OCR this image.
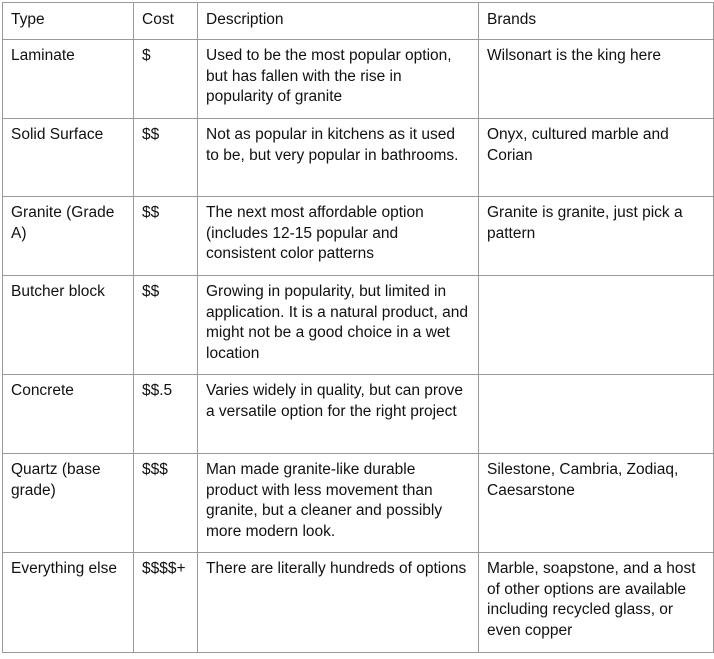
Type	Cost	Description	Brands
Laminate	$	Used to be the most popular option, but has fallen with the rise in popularity of granite	Wilsonart is the king here
Solid Surface	$$	Not as popular in kitchens as it used to be, but very popular in bathrooms.	Onyx, cultured marble and Corian
Granite (Grade A)	$$	The next most affordable option (includes 12-15 popular and consistent color patterns	Granite is granite, just pick a pattern
Butcher block	$$	Growing in popularity, but limited in application. It is a natural product, and might not be a good choice in a wet location	
Concrete	$$.5	Varies widely in quality, but can prove a versatile option for the right project	
Quartz (base grade)	$$$	Man made granite-like durable product with less movement than granite, but a cleaner and possibly more modern look.	Silestone, Cambria, Zodiaq, Caesarstone
Everything else	$$$$+	There are literally hundreds of options	Marble, soapstone, and a host of other options are available including recycled glass, or even copper
